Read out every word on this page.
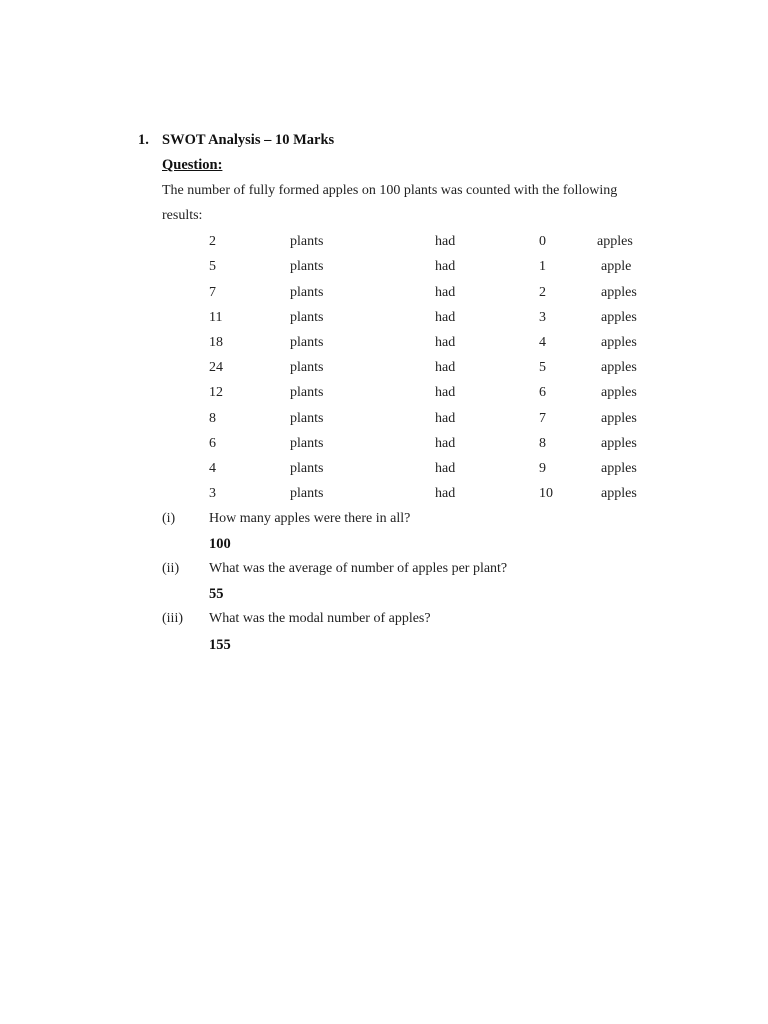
1. SWOT Analysis – 10 Marks
Question:
The number of fully formed apples on 100 plants was counted with the following
results:
2	plants	had	0	apples
5	plants	had	1	apple
7	plants	had	2	apples
11	plants	had	3	apples
18	plants	had	4	apples
24	plants	had	5	apples
12	plants	had	6	apples
8	plants	had	7	apples
6	plants	had	8	apples
4	plants	had	9	apples
3	plants	had	10	apples
(i) How many apples were there in all?
100
(ii) What was the average of number of apples per plant?
55
(iii) What was the modal number of apples?
155
